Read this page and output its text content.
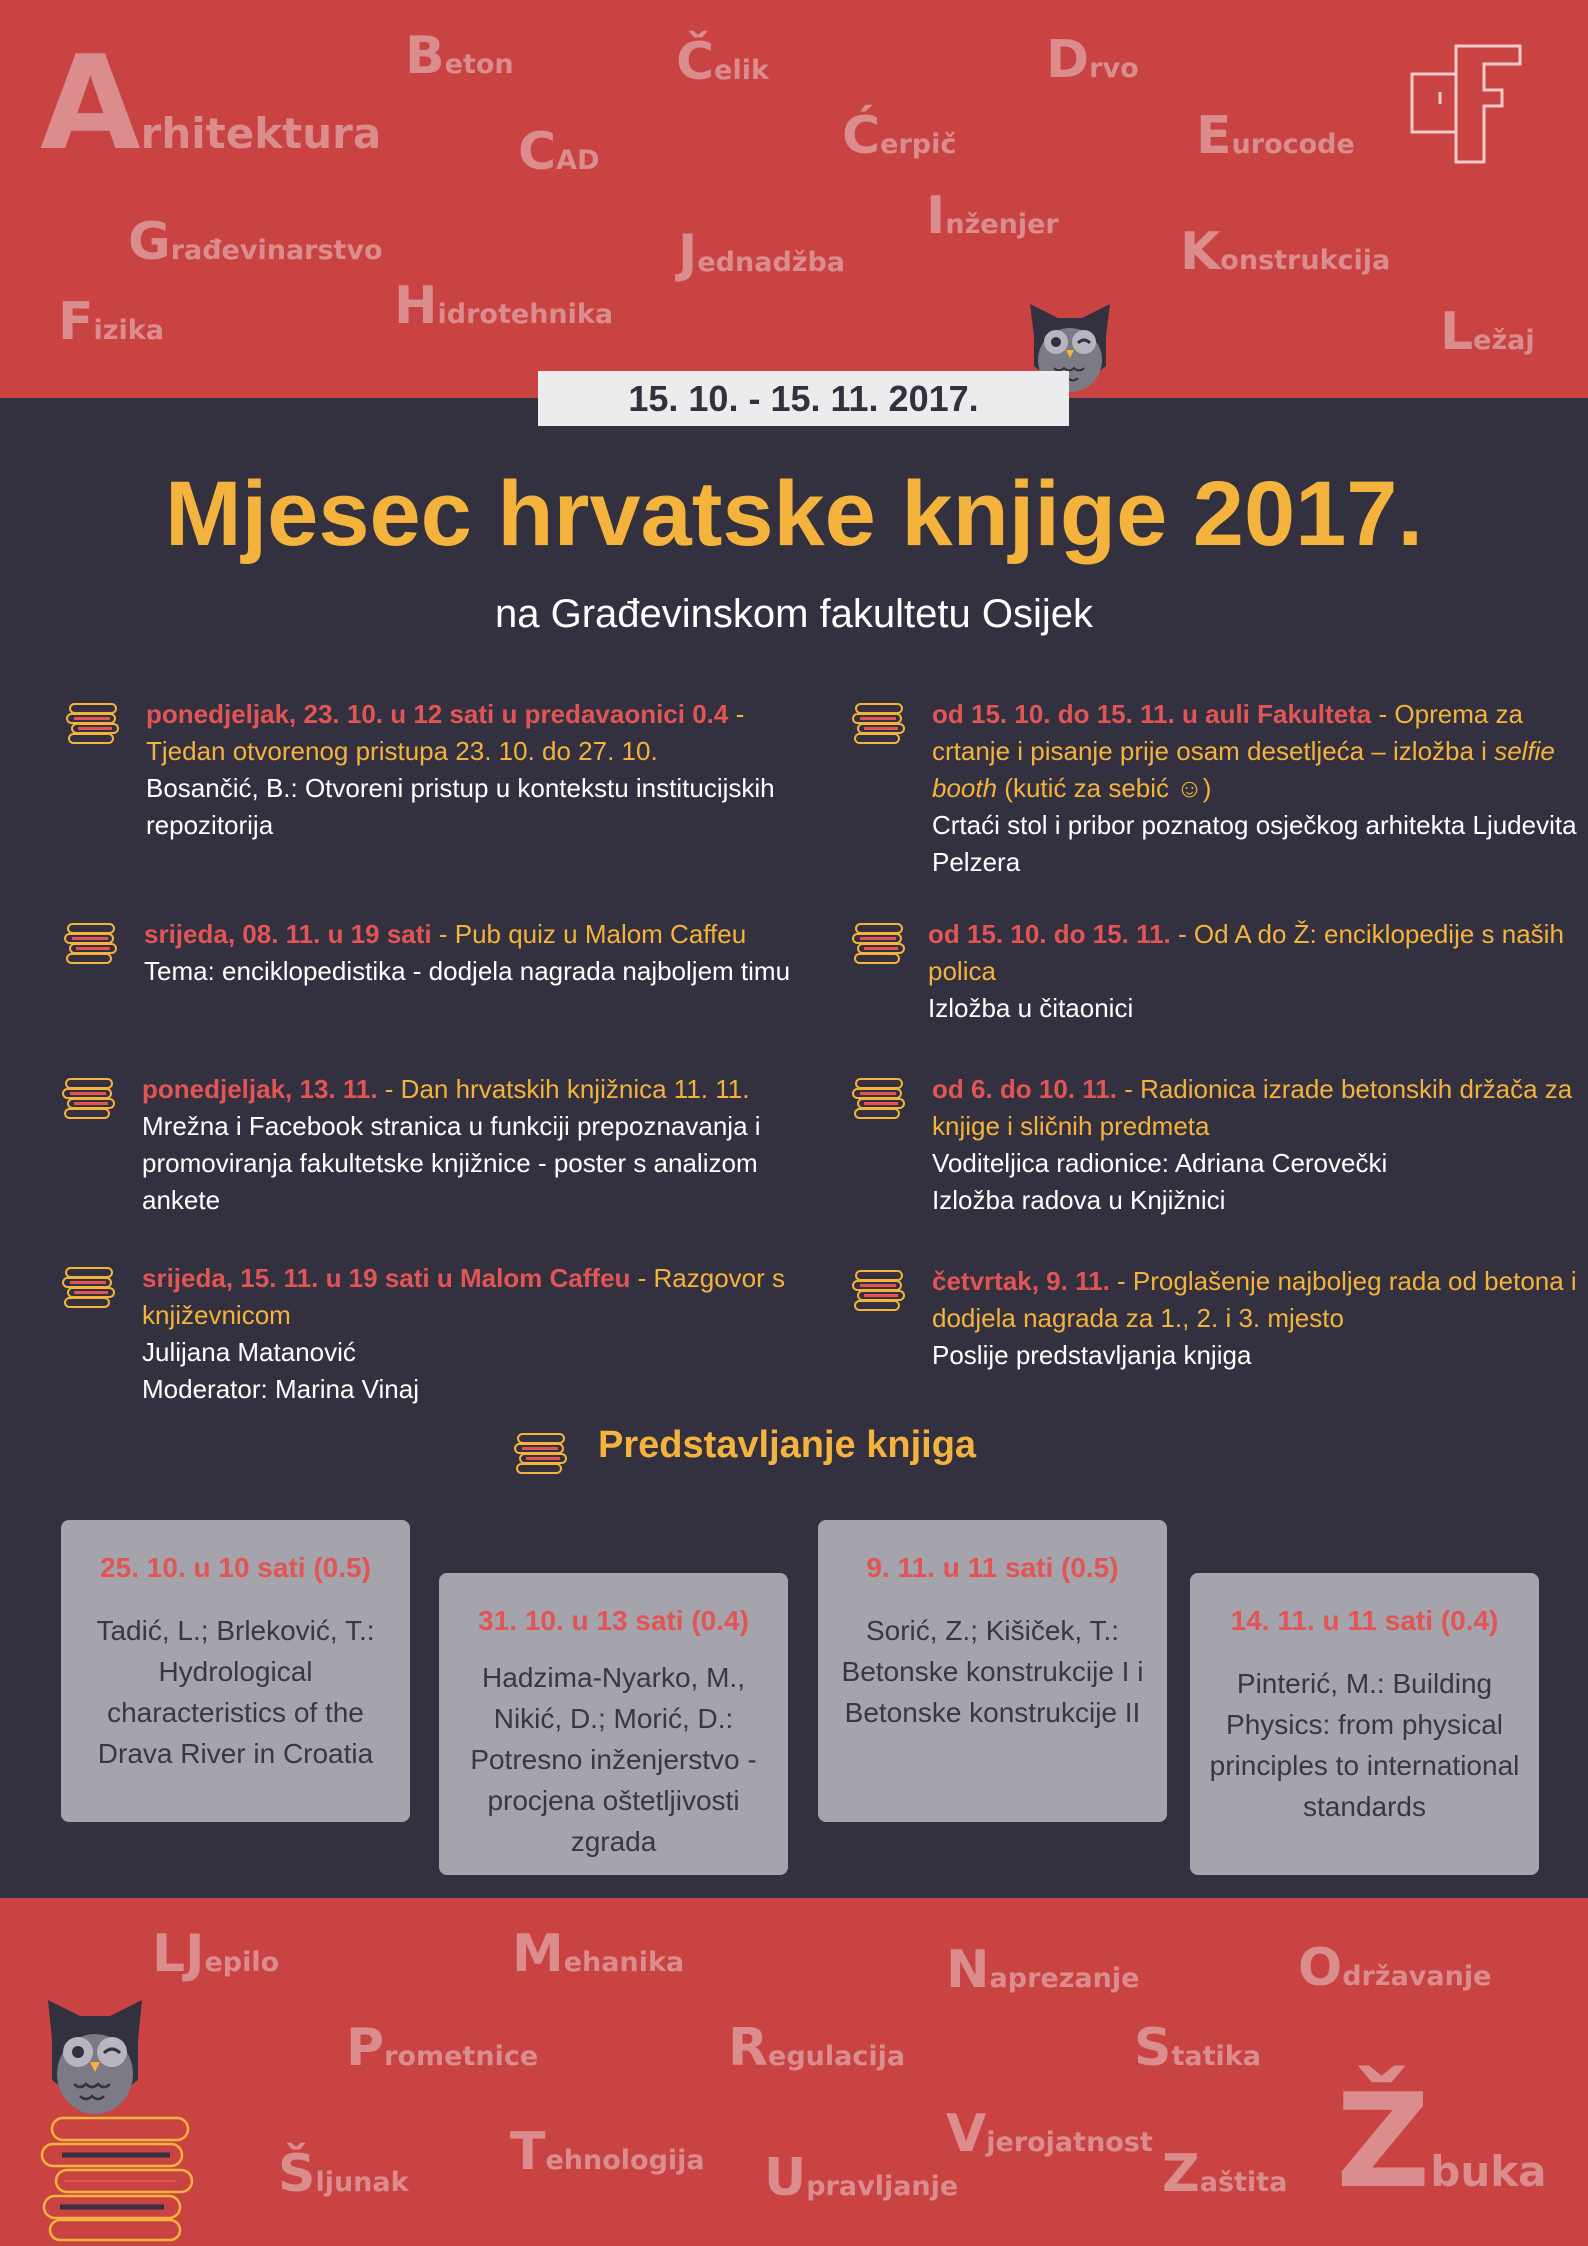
Arhitektura
Beton	Čelik	Drvo
CAD	Ćerpič	Eurocode
Inženjer
Građevinarstvo	Jednadžba	Konstrukcija
Fizika	Hidrotehnika	Ležaj
15. 10. - 15. 11. 2017.
Mjesec hrvatske knjige 2017.
na Građevinskom fakultetu Osijek
ponedjeljak, 23. 10. u 12 sati u predavaonici 0.4 - Tjedan otvorenog pristupa 23. 10. do 27. 10.
Bosančić, B.: Otvoreni pristup u kontekstu institucijskih repozitorija
srijeda, 08. 11. u 19 sati - Pub quiz u Malom Caffeu
Tema: enciklopedistika - dodjela nagrada najboljem timu
ponedjeljak, 13. 11. - Dan hrvatskih knjižnica 11. 11.
Mrežna i Facebook stranica u funkciji prepoznavanja i promoviranja fakultetske knjižnice - poster s analizom ankete
srijeda, 15. 11. u 19 sati u Malom Caffeu - Razgovor s književnicom
Julijana Matanović
Moderator: Marina Vinaj
od 15. 10. do 15. 11. u auli Fakulteta - Oprema za crtanje i pisanje prije osam desetljeća – izložba i selfie booth (kutić za sebić ☺)
Crtaći stol i pribor poznatog osječkog arhitekta Ljudevita Pelzera
od 15. 10. do 15. 11. - Od A do Ž: enciklopedije s naših polica
Izložba u čitaonici
od 6. do 10. 11. - Radionica izrade betonskih držača za knjige i sličnih predmeta
Voditeljica radionice: Adriana Cerovečki
Izložba radova u Knjižnici
četvrtak, 9. 11. - Proglašenje najboljeg rada od betona i dodjela nagrada za 1., 2. i 3. mjesto
Poslije predstavljanja knjiga
Predstavljanje knjiga
25. 10. u 10 sati (0.5)
Tadić, L.; Brleković, T.: Hydrological characteristics of the Drava River in Croatia
31. 10. u 13 sati (0.4)
Hadzima-Nyarko, M., Nikić, D.; Morić, D.: Potresno inženjerstvo - procjena oštetljivosti zgrada
9. 11. u 11 sati (0.5)
Sorić, Z.; Kišiček, T.: Betonske konstrukcije I i Betonske konstrukcije II
14. 11. u 11 sati (0.4)
Pinterić, M.: Building Physics: from physical principles to international standards
LJepilo	Mehanika	Naprezanje	Održavanje
Prometnice	Regulacija	Statika
Tehnologija	Vjerojatnost
Šljunak	Upravljanje	Zaštita Žbuka
